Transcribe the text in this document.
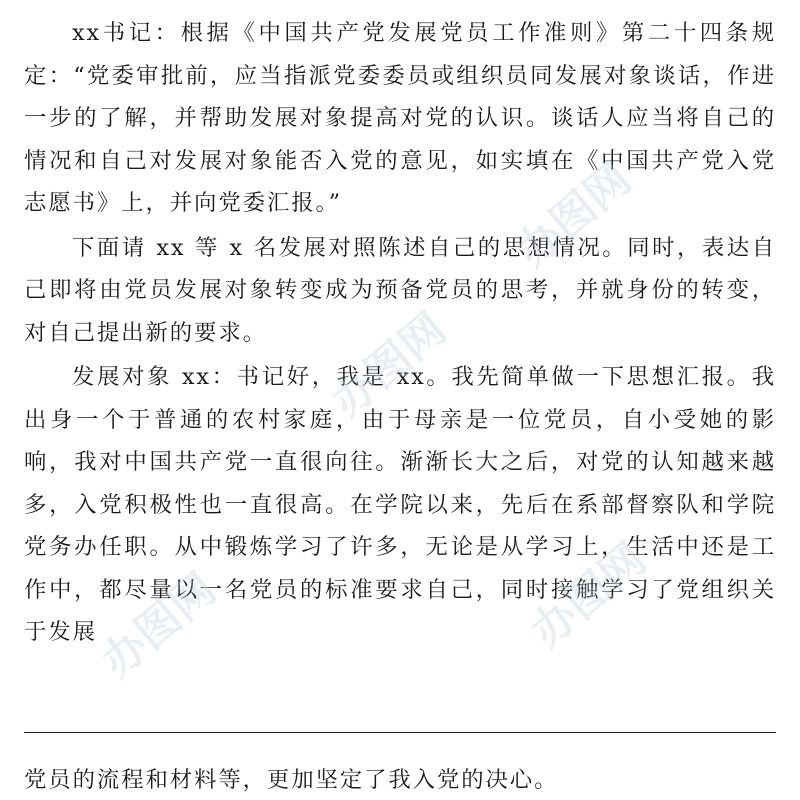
xx书记：根据《中国共产党发展党员工作准则》第二十四条规定：“党委审批前，应当指派党委委员或组织员同发展对象谈话，作进一步的了解，并帮助发展对象提高对党的认识。谈话人应当将自己的情况和自己对发展对象能否入党的意见，如实填在《中国共产党入党志愿书》上，并向党委汇报。”

下面请 xx 等 x 名发展对照陈述自己的思想情况。同时，表达自己即将由党员发展对象转变成为预备党员的思考，并就身份的转变，对自己提出新的要求。

发展对象 xx：书记好，我是 xx。我先简单做一下思想汇报。我出身一个于普通的农村家庭，由于母亲是一位党员，自小受她的影响，我对中国共产党一直很向往。渐渐长大之后，对党的认知越来越多，入党积极性也一直很高。在学院以来，先后在系部督察队和学院党务办任职。从中锻炼学习了许多，无论是从学习上，生活中还是工作中，都尽量以一名党员的标准要求自己，同时接触学习了党组织关于发展

党员的流程和材料等，更加坚定了我入党的决心。

办图网
办图网
办图网
办图网
